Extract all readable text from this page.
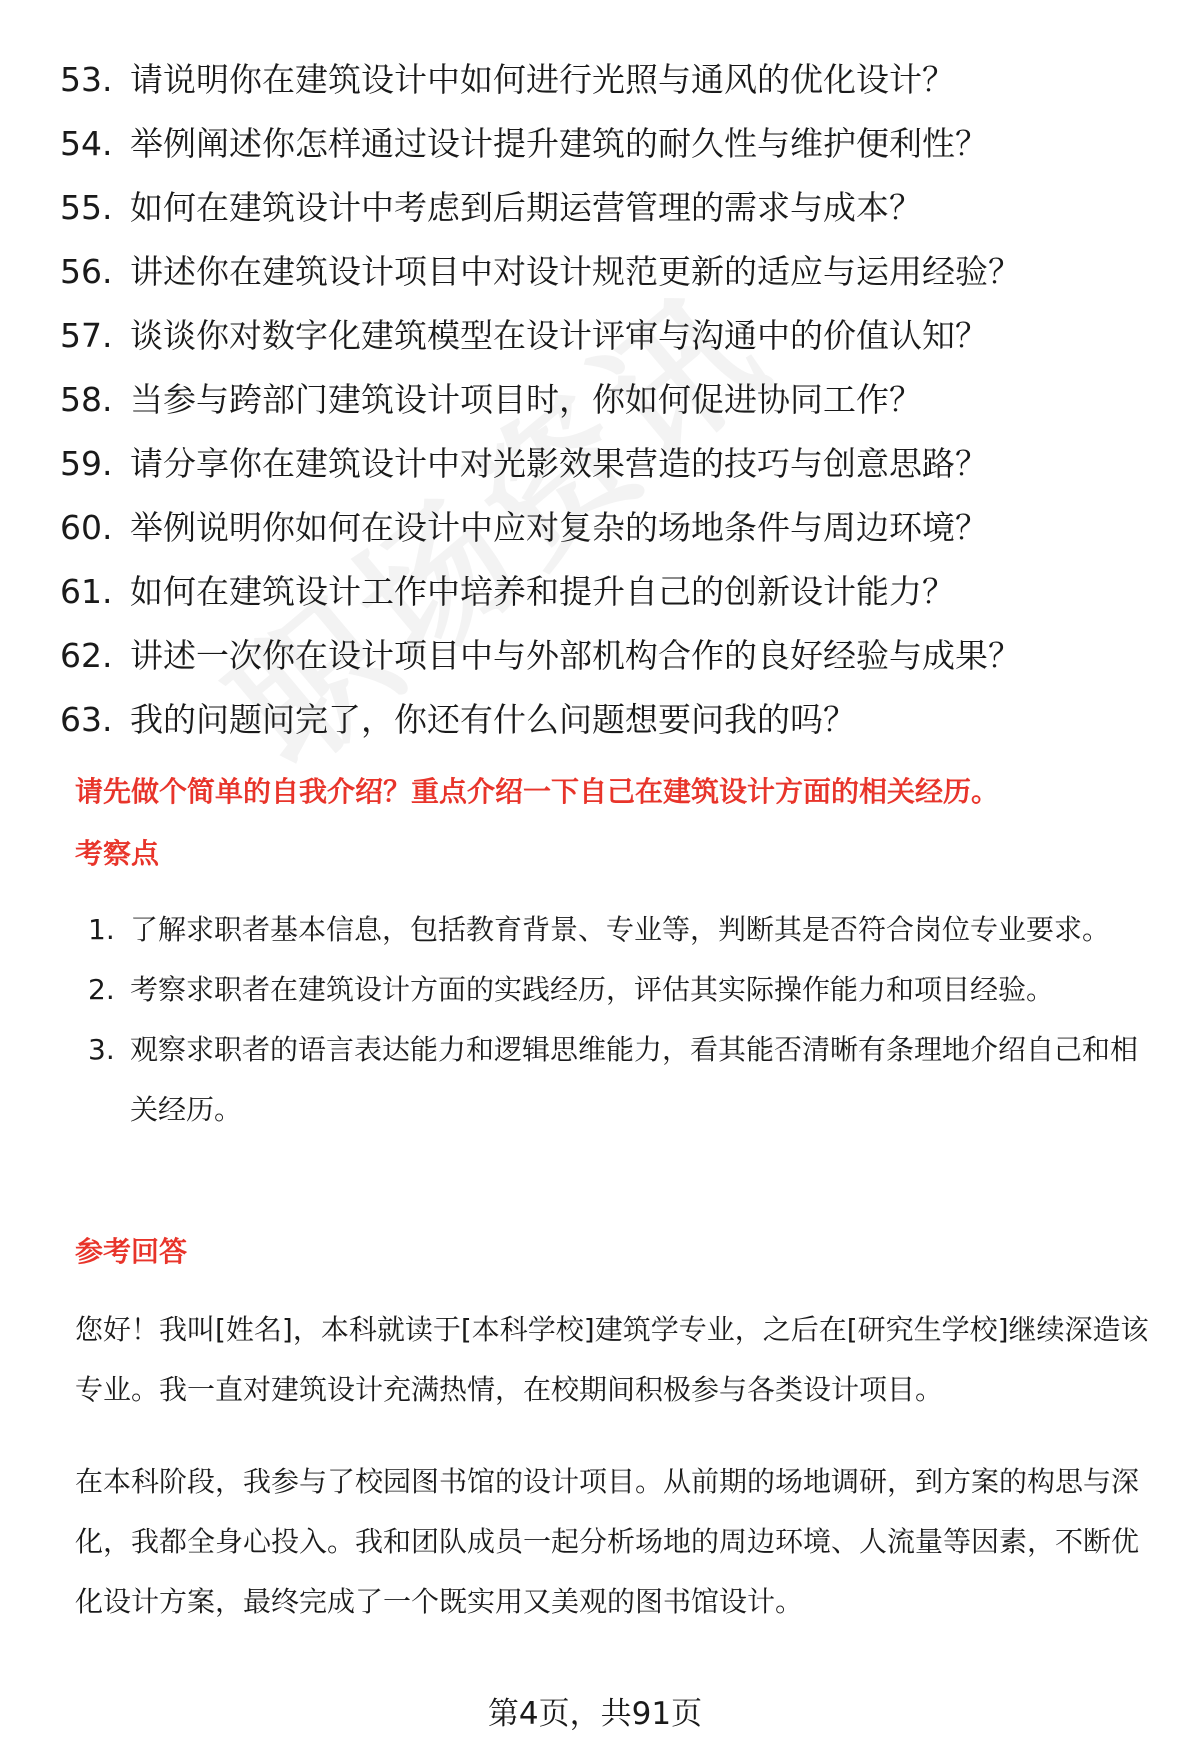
53. 请说明你在建筑设计中如何进行光照与通风的优化设计？
54. 举例阐述你怎样通过设计提升建筑的耐久性与维护便利性？
55. 如何在建筑设计中考虑到后期运营管理的需求与成本？
56. 讲述你在建筑设计项目中对设计规范更新的适应与运用经验？
57. 谈谈你对数字化建筑模型在设计评审与沟通中的价值认知？
58. 当参与跨部门建筑设计项目时，你如何促进协同工作？
59. 请分享你在建筑设计中对光影效果营造的技巧与创意思路？
60. 举例说明你如何在设计中应对复杂的场地条件与周边环境？
61. 如何在建筑设计工作中培养和提升自己的创新设计能力？
62. 讲述一次你在设计项目中与外部机构合作的良好经验与成果？
63. 我的问题问完了，你还有什么问题想要问我的吗？
请先做个简单的自我介绍？重点介绍一下自己在建筑设计方面的相关经历。
考察点
1. 了解求职者基本信息，包括教育背景、专业等，判断其是否符合岗位专业要求。
2. 考察求职者在建筑设计方面的实践经历，评估其实际操作能力和项目经验。
3. 观察求职者的语言表达能力和逻辑思维能力，看其能否清晰有条理地介绍自己和相关经历。
参考回答

您好！我叫[姓名]，本科就读于[本科学校]建筑学专业，之后在[研究生学校]继续深造该专业。我一直对建筑设计充满热情，在校期间积极参与各类设计项目。

在本科阶段，我参与了校园图书馆的设计项目。从前期的场地调研，到方案的构思与深化，我都全身心投入。我和团队成员一起分析场地的周边环境、人流量等因素，不断优化设计方案，最终完成了一个既实用又美观的图书馆设计。

第4页，共91页
